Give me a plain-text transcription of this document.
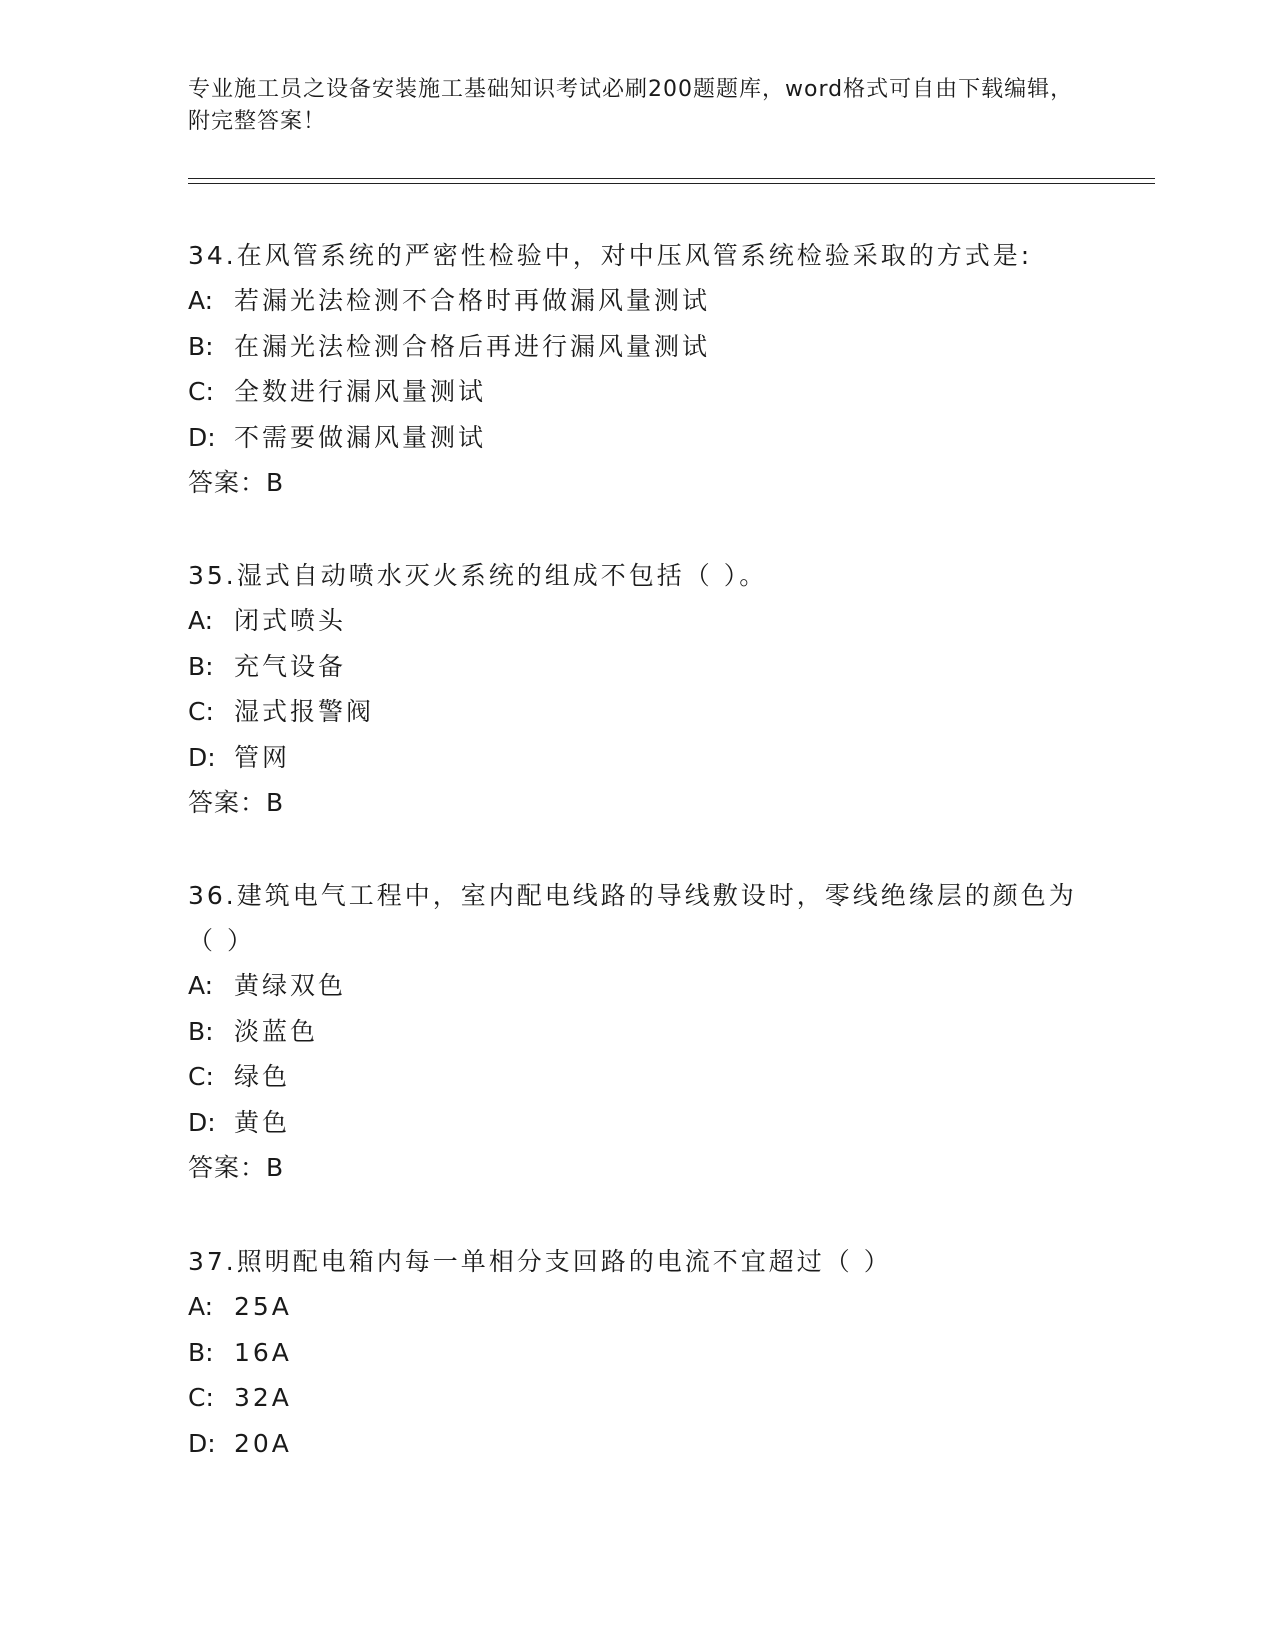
专业施工员之设备安装施工基础知识考试必刷200题题库，word格式可自由下载编辑，附完整答案！
34.在风管系统的严密性检验中，对中压风管系统检验采取的方式是:
A: 若漏光法检测不合格时再做漏风量测试
B: 在漏光法检测合格后再进行漏风量测试
C: 全数进行漏风量测试
D: 不需要做漏风量测试
答案：B
35.湿式自动喷水灭火系统的组成不包括（ ）。
A: 闭式喷头
B: 充气设备
C: 湿式报警阀
D: 管网
答案：B
36.建筑电气工程中，室内配电线路的导线敷设时，零线绝缘层的颜色为（ ）
A: 黄绿双色
B: 淡蓝色
C: 绿色
D: 黄色
答案：B
37.照明配电箱内每一单相分支回路的电流不宜超过（ ）
A: 25A
B: 16A
C: 32A
D: 20A
